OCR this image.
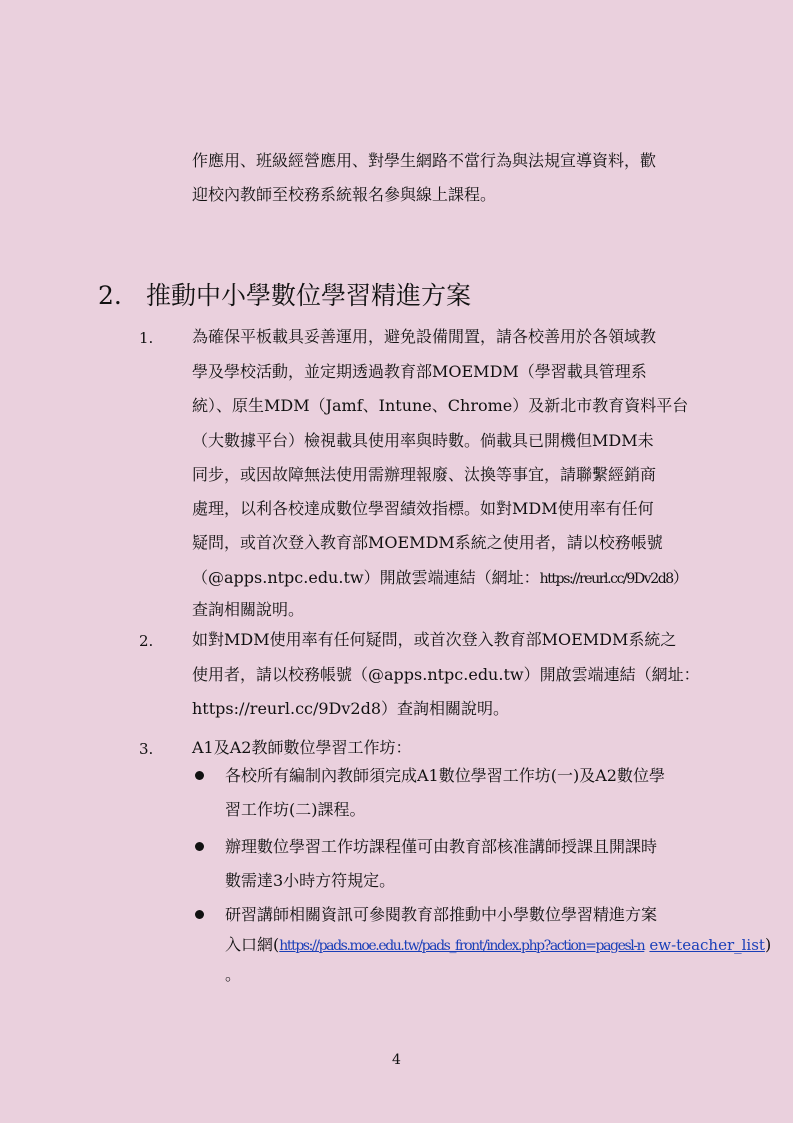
作應用、班級經營應用、對學生網路不當行為與法規宣導資料，歡
迎校內教師至校務系統報名參與線上課程。
2. 推動中小學數位學習精進方案
1. 為確保平板載具妥善運用，避免設備閒置，請各校善用於各領域教
學及學校活動，並定期透過教育部MOEMDM（學習載具管理系
統）、原生MDM（Jamf、Intune、Chrome）及新北市教育資料平台
（大數據平台）檢視載具使用率與時數。倘載具已開機但MDM未
同步，或因故障無法使用需辦理報廢、汰換等事宜，請聯繫經銷商
處理，以利各校達成數位學習績效指標。如對MDM使用率有任何
疑問，或首次登入教育部MOEMDM系統之使用者，請以校務帳號
（@apps.ntpc.edu.tw）開啟雲端連結（網址：https://reurl.cc/9Dv2d8）
查詢相關說明。
2. 如對MDM使用率有任何疑問，或首次登入教育部MOEMDM系統之
使用者，請以校務帳號（@apps.ntpc.edu.tw）開啟雲端連結（網址：
https://reurl.cc/9Dv2d8）查詢相關說明。
3. A1及A2教師數位學習工作坊：
各校所有編制內教師須完成A1數位學習工作坊(一)及A2數位學
習工作坊(二)課程。
辦理數位學習工作坊課程僅可由教育部核准講師授課且開課時
數需達3小時方符規定。
研習講師相關資訊可參閱教育部推動中小學數位學習精進方案
入口網(https://pads.moe.edu.tw/pads_front/index.php?action=pagesl-n ew-teacher_list)
。
4
